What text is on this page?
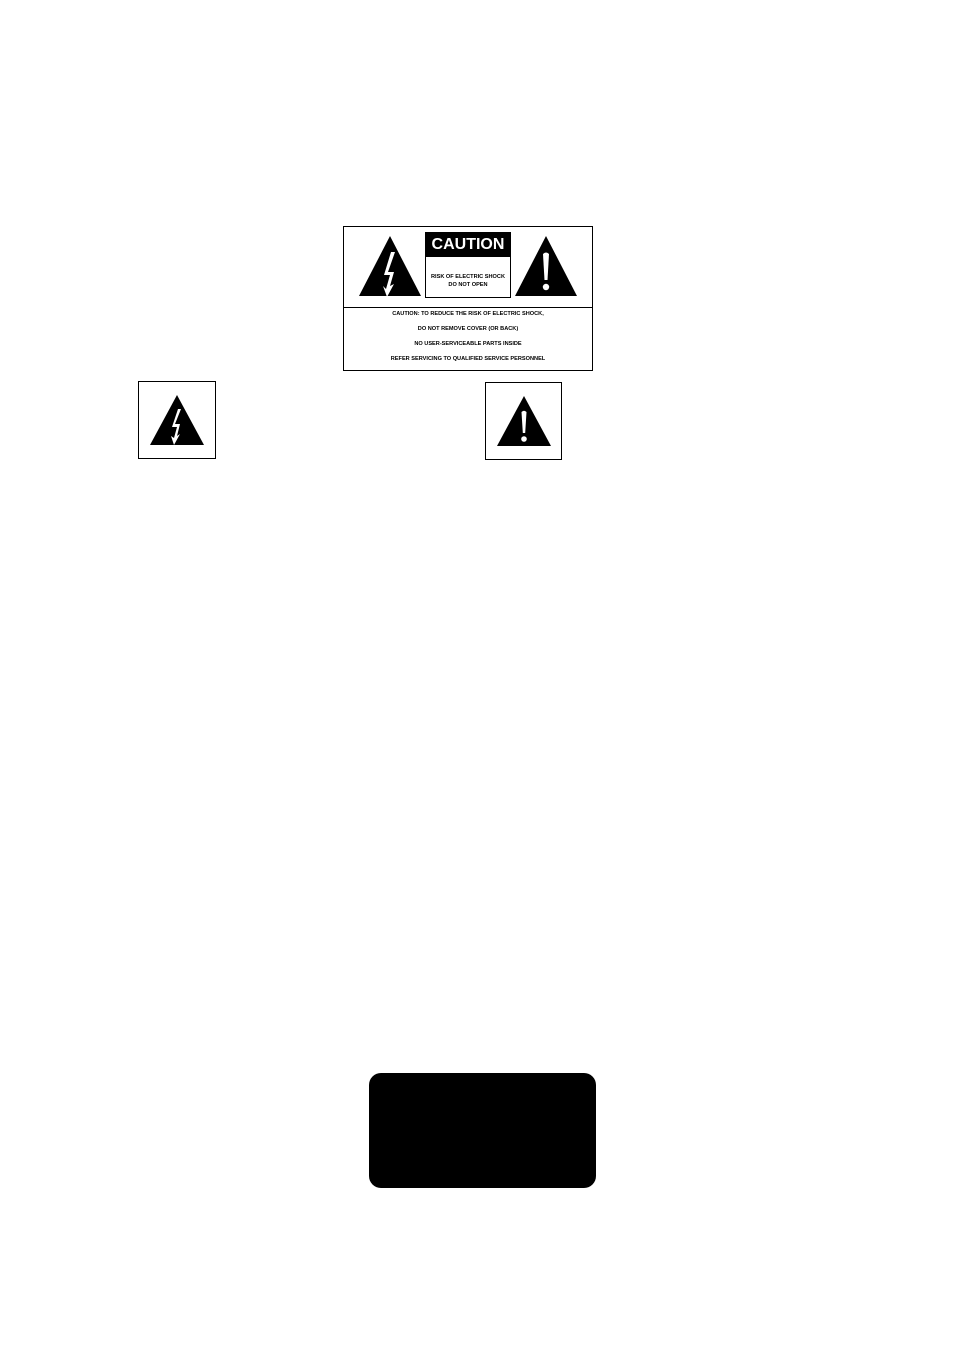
CAUTION
RISK OF ELECTRIC SHOCK
DO NOT OPEN
CAUTION: TO REDUCE THE RISK OF ELECTRIC SHOCK,
DO NOT REMOVE COVER (OR BACK)
NO USER-SERVICEABLE PARTS INSIDE
REFER SERVICING TO QUALIFIED SERVICE PERSONNEL
